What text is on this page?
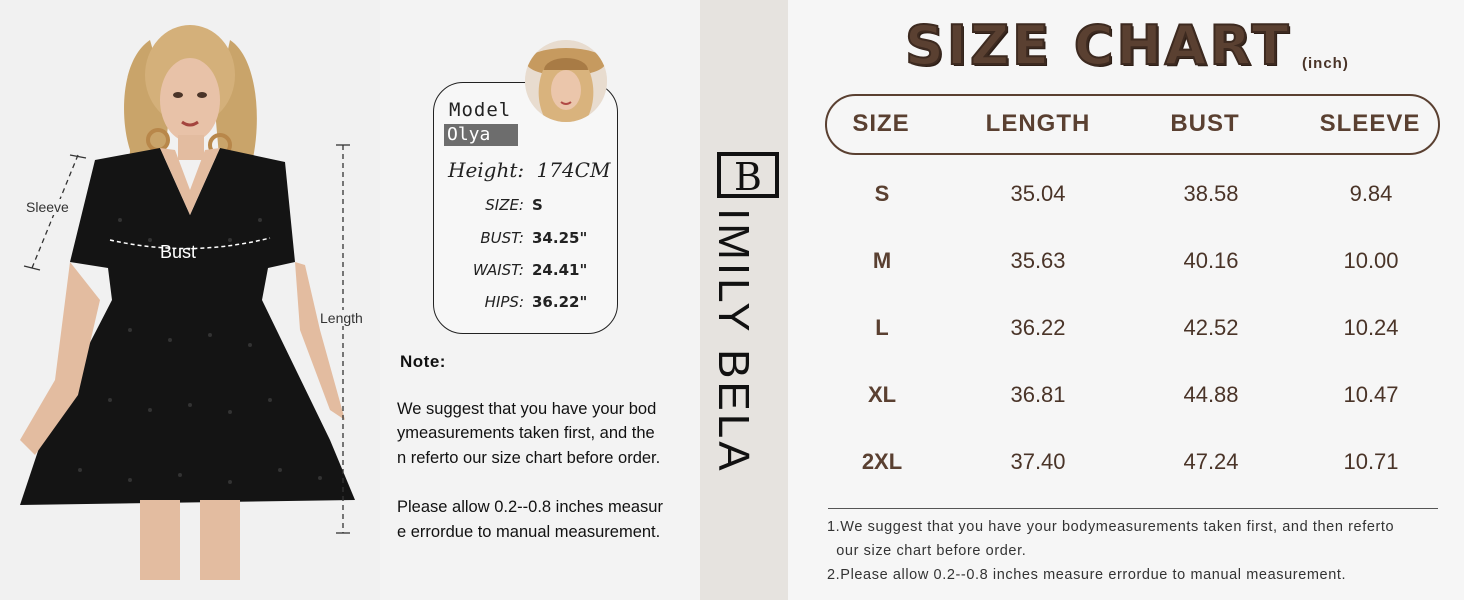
Sleeve
Bust
Length
Model
Olya
Height: 174CM
SIZE: S
BUST: 34.25"
WAIST: 24.41"
HIPS: 36.22"
Note:
We suggest that you have your bod
ymeasurements taken first, and the
n referto our size chart before order.
Please allow 0.2--0.8 inches measur
e errordue to manual measurement.
B
IMILY BELA
SIZE CHART (inch)
SIZE	LENGTH	BUST	SLEEVE
S	35.04	38.58	9.84
M	35.63	40.16	10.00
L	36.22	42.52	10.24
XL	36.81	44.88	10.47
2XL	37.40	47.24	10.71
1.We suggest that you have your bodymeasurements taken first, and then referto
our size chart before order.
2.Please allow 0.2--0.8 inches measure errordue to manual measurement.
